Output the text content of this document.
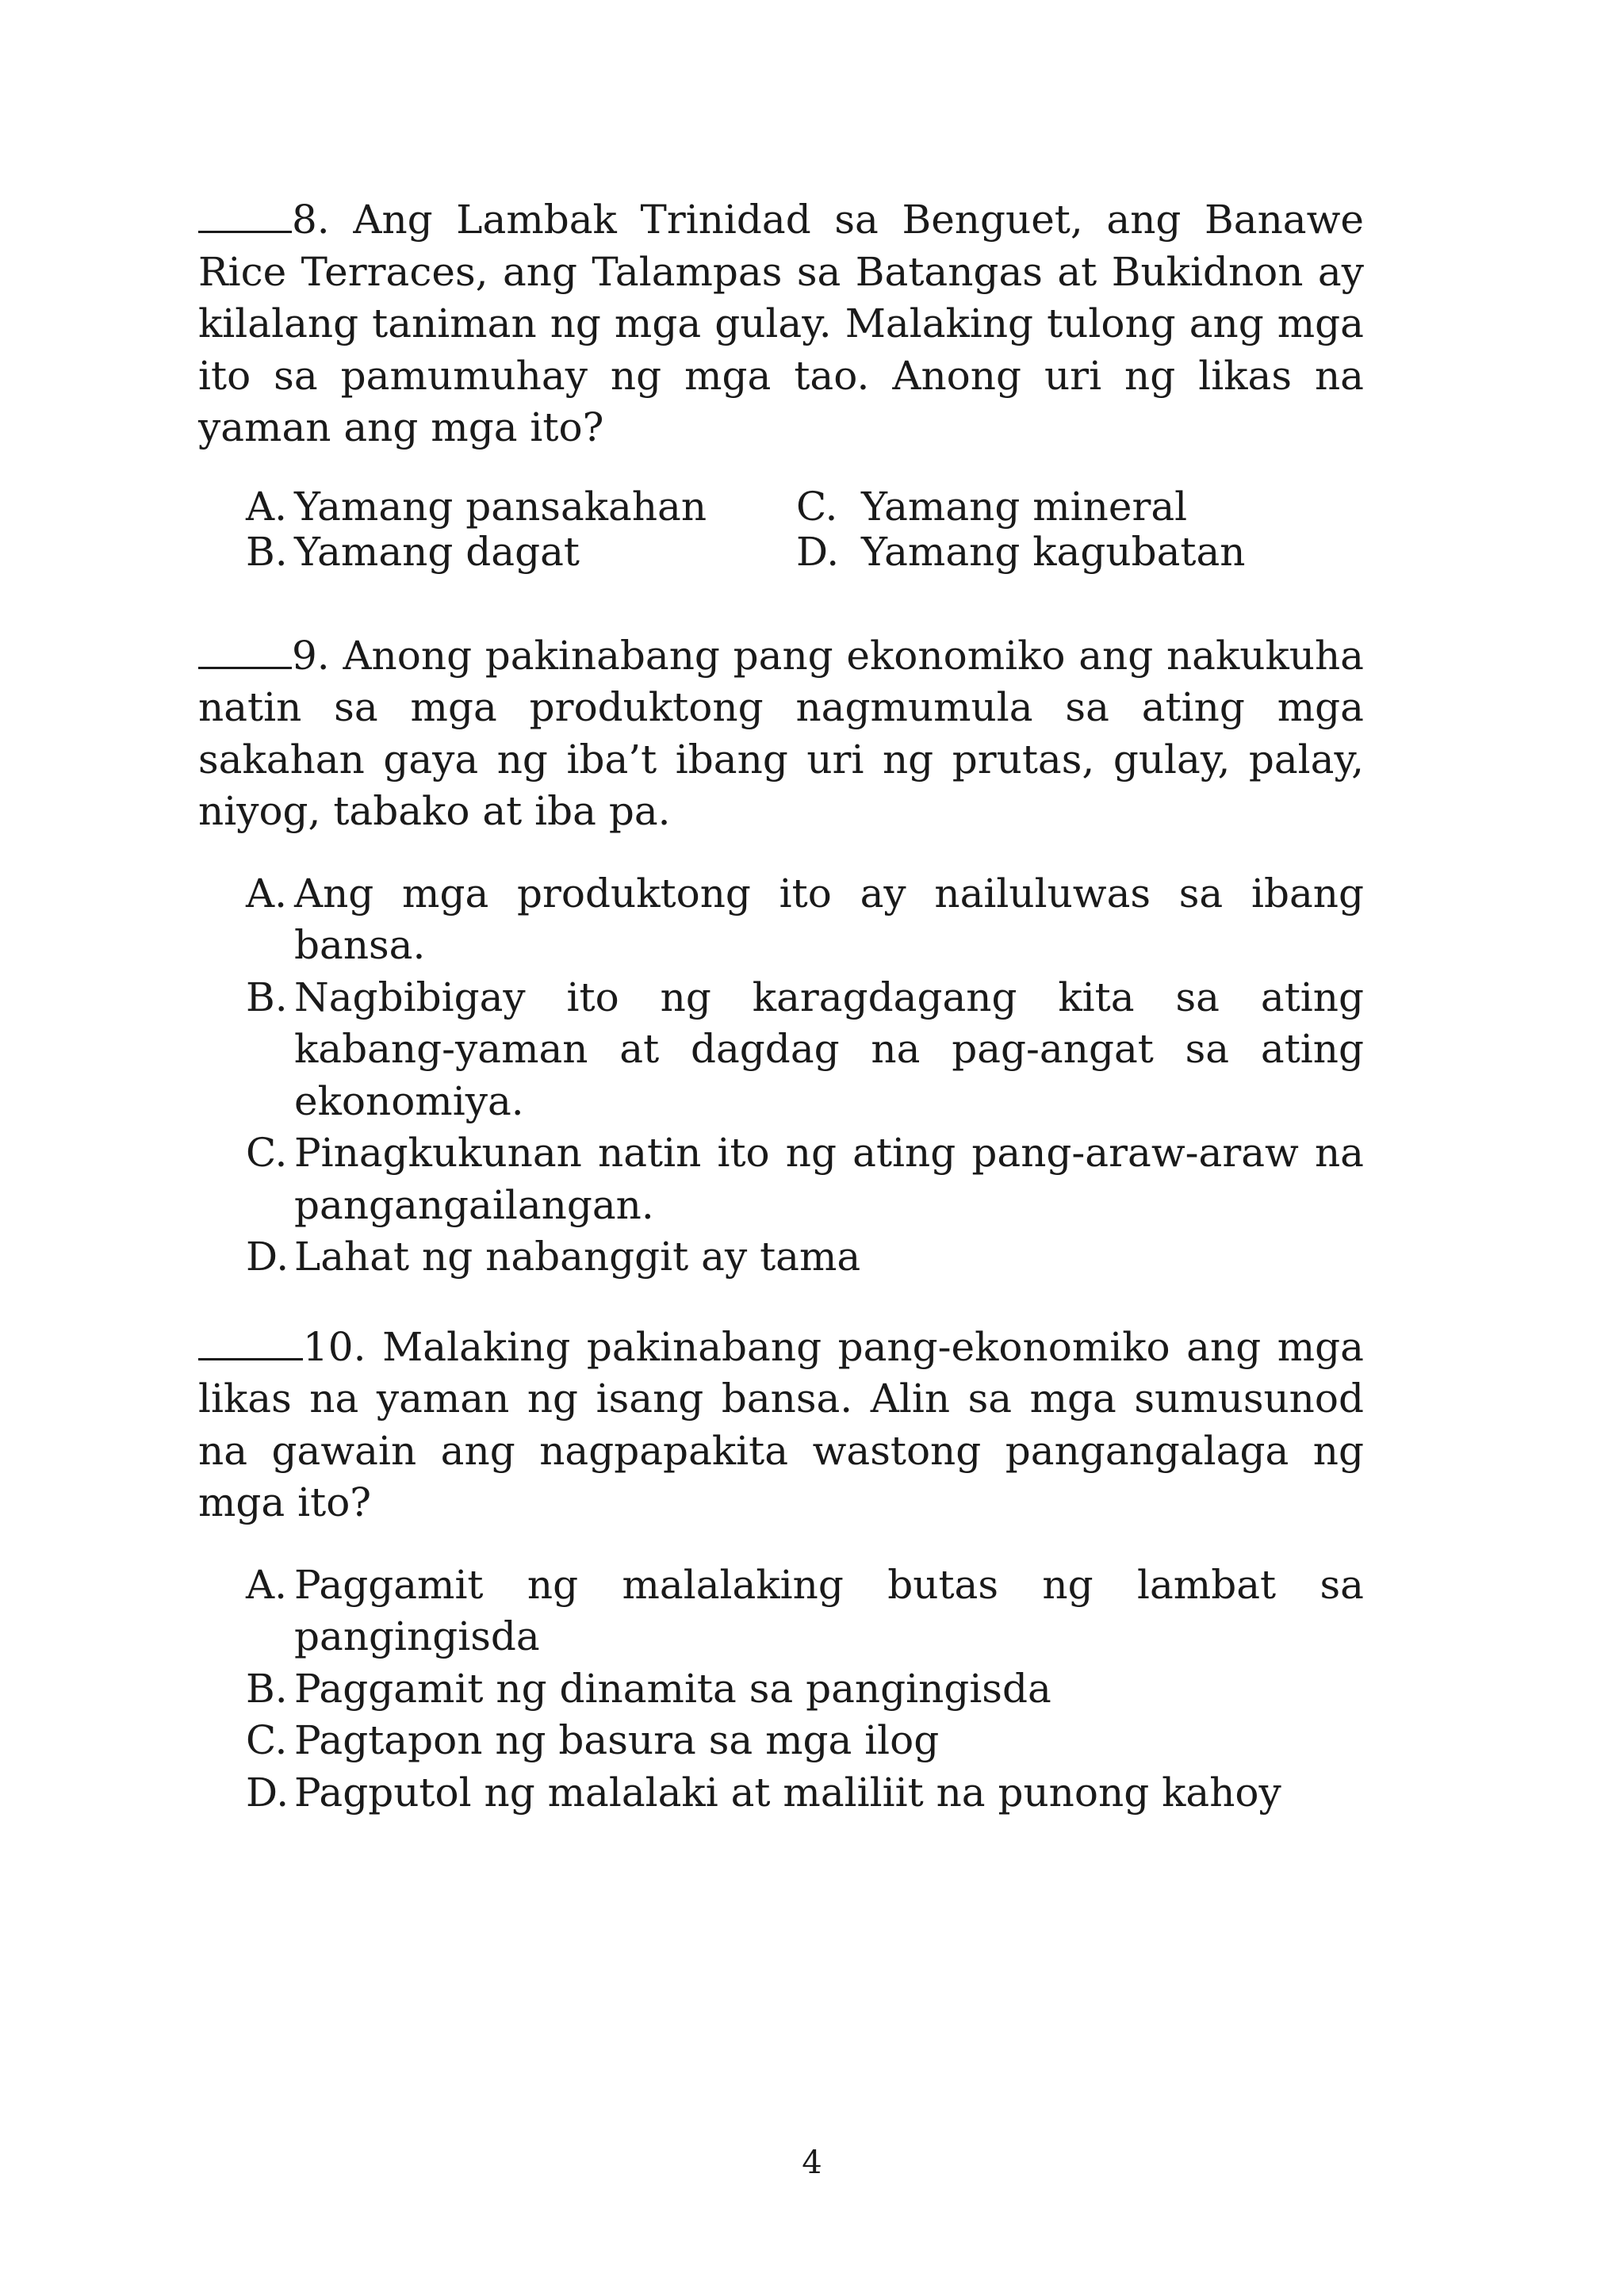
8. Ang Lambak Trinidad sa Benguet, ang Banawe Rice Terraces, ang Talampas sa Batangas at Bukidnon ay kilalang taniman ng mga gulay. Malaking tulong ang mga ito sa pamumuhay ng mga tao. Anong uri ng likas na yaman ang mga ito?
A. Yamang pansakahan	C. Yamang mineral
B. Yamang dagat	D. Yamang kagubatan
9. Anong pakinabang pang ekonomiko ang nakukuha natin sa mga produktong nagmumula sa ating mga sakahan gaya ng iba’t ibang uri ng prutas, gulay, palay, niyog, tabako at iba pa.
A. Ang mga produktong ito ay nailuluwas sa ibang bansa.
B. Nagbibigay ito ng karagdagang kita sa ating kabang-yaman at dagdag na pag-angat sa ating ekonomiya.
C. Pinagkukunan natin ito ng ating pang-araw-araw na pangangailangan.
D. Lahat ng nabanggit ay tama
10. Malaking pakinabang pang-ekonomiko ang mga likas na yaman ng isang bansa. Alin sa mga sumusunod na gawain ang nagpapakita wastong pangangalaga ng mga ito?
A. Paggamit ng malalaking butas ng lambat sa pangingisda
B. Paggamit ng dinamita sa pangingisda
C. Pagtapon ng basura sa mga ilog
D. Pagputol ng malalaki at maliliit na punong kahoy
4
